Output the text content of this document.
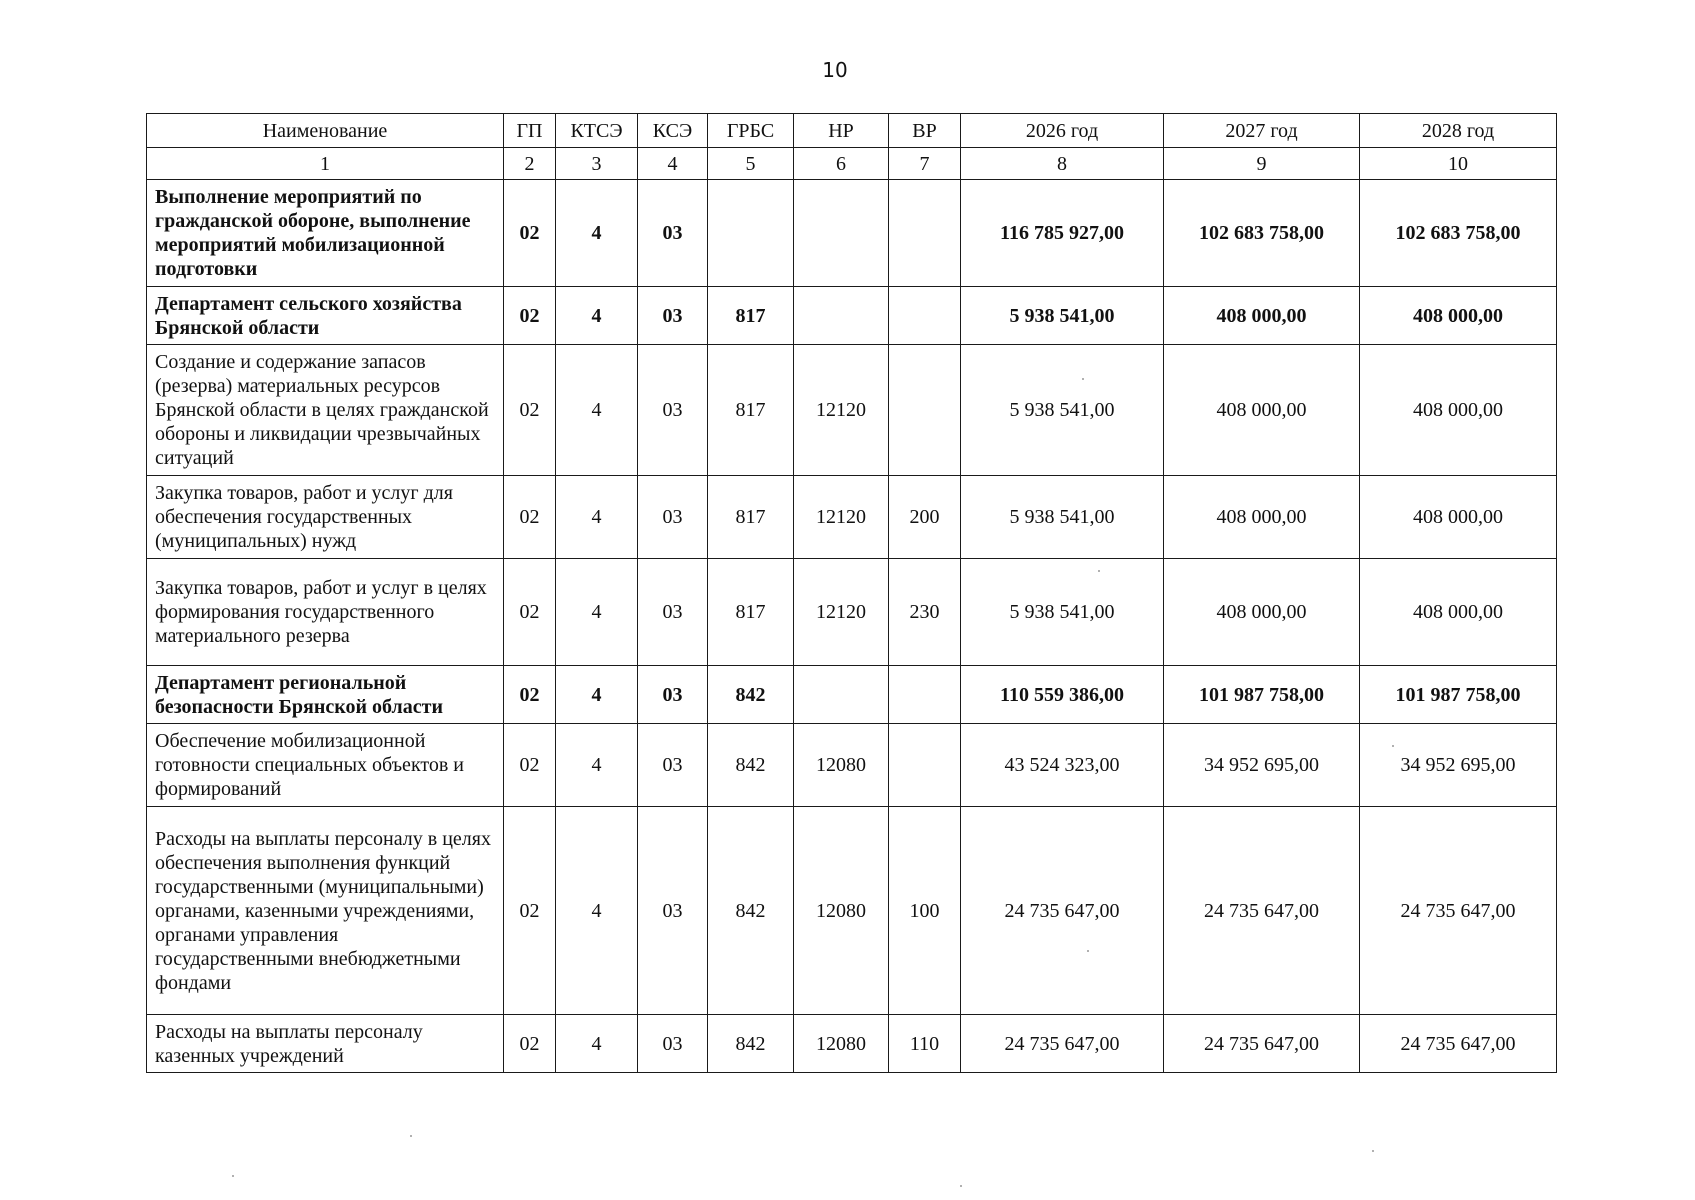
10
Наименование	ГП	КТСЭ	КСЭ	ГРБС	НР	ВР	2026 год	2027 год	2028 год
1	2	3	4	5	6	7	8	9	10
Выполнение мероприятий по гражданской обороне, выполнение мероприятий мобилизационной подготовки	02	4	03				116 785 927,00	102 683 758,00	102 683 758,00
Департамент сельского хозяйства Брянской области	02	4	03	817			5 938 541,00	408 000,00	408 000,00
Создание и содержание запасов (резерва) материальных ресурсов Брянской области в целях гражданской обороны и ликвидации чрезвычайных ситуаций	02	4	03	817	12120		5 938 541,00	408 000,00	408 000,00
Закупка товаров, работ и услуг для обеспечения государственных (муниципальных) нужд	02	4	03	817	12120	200	5 938 541,00	408 000,00	408 000,00
Закупка товаров, работ и услуг в целях формирования государственного материального резерва	02	4	03	817	12120	230	5 938 541,00	408 000,00	408 000,00
Департамент региональной безопасности Брянской области	02	4	03	842			110 559 386,00	101 987 758,00	101 987 758,00
Обеспечение мобилизационной готовности специальных объектов и формирований	02	4	03	842	12080		43 524 323,00	34 952 695,00	34 952 695,00
Расходы на выплаты персоналу в целях обеспечения выполнения функций государственными (муниципальными) органами, казенными учреждениями, органами управления государственными внебюджетными фондами	02	4	03	842	12080	100	24 735 647,00	24 735 647,00	24 735 647,00
Расходы на выплаты персоналу казенных учреждений	02	4	03	842	12080	110	24 735 647,00	24 735 647,00	24 735 647,00
